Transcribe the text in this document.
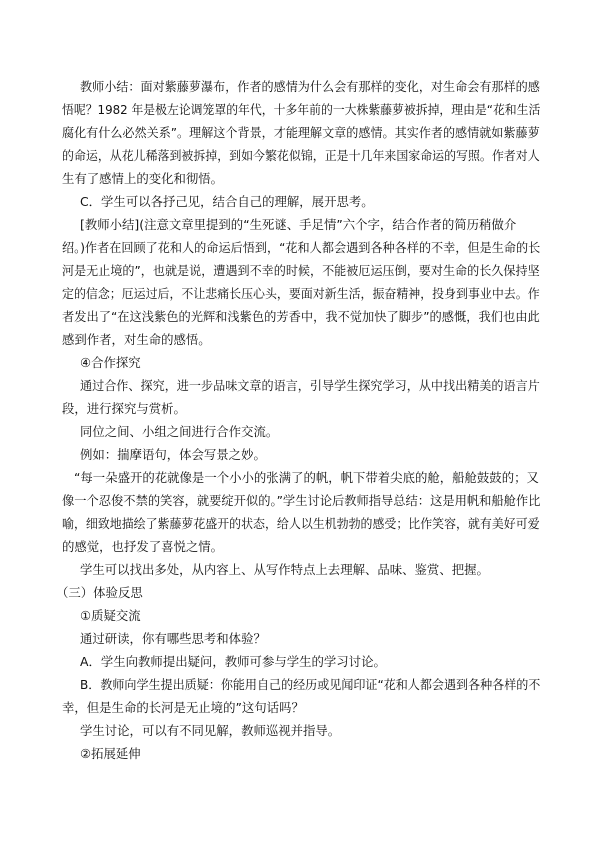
教师小结：面对紫藤萝瀑布，作者的感情为什么会有那样的变化，对生命会有那样的感
悟呢？1982 年是极左论调笼罩的年代，十多年前的一大株紫藤萝被拆掉，理由是“花和生活
腐化有什么必然关系”。理解这个背景，才能理解文章的感情。其实作者的感情就如紫藤萝
的命运，从花儿稀落到被拆掉，到如今繁花似锦，正是十几年来国家命运的写照。作者对人
生有了感情上的变化和彻悟。
C．学生可以各抒己见，结合自己的理解，展开思考。
[教师小结](注意文章里提到的“生死谜、手足情”六个字，结合作者的简历稍做介
绍。)作者在回顾了花和人的命运后悟到，“花和人都会遇到各种各样的不幸，但是生命的长
河是无止境的”，也就是说，遭遇到不幸的时候，不能被厄运压倒，要对生命的长久保持坚
定的信念；厄运过后，不让悲痛长压心头，要面对新生活，振奋精神，投身到事业中去。作
者发出了“在这浅紫色的光辉和浅紫色的芳香中，我不觉加快了脚步”的感慨，我们也由此
感到作者，对生命的感悟。
④合作探究
通过合作、探究，进一步品味文章的语言，引导学生探究学习，从中找出精美的语言片
段，进行探究与赏析。
同位之间、小组之间进行合作交流。
例如：揣摩语句，体会写景之妙。
“每一朵盛开的花就像是一个小小的张满了的帆，帆下带着尖底的舱，船舱鼓鼓的；又
像一个忍俊不禁的笑容，就要绽开似的。”学生讨论后教师指导总结：这是用帆和船舱作比
喻，细致地描绘了紫藤萝花盛开的状态，给人以生机勃勃的感受；比作笑容，就有美好可爱
的感觉，也抒发了喜悦之情。
学生可以找出多处，从内容上、从写作特点上去理解、品味、鉴赏、把握。
（三）体验反思
①质疑交流
通过研读，你有哪些思考和体验？
A．学生向教师提出疑问，教师可参与学生的学习讨论。
B．教师向学生提出质疑：你能用自己的经历或见闻印证“花和人都会遇到各种各样的不
幸，但是生命的长河是无止境的”这句话吗？
学生讨论，可以有不同见解，教师巡视并指导。
②拓展延伸
